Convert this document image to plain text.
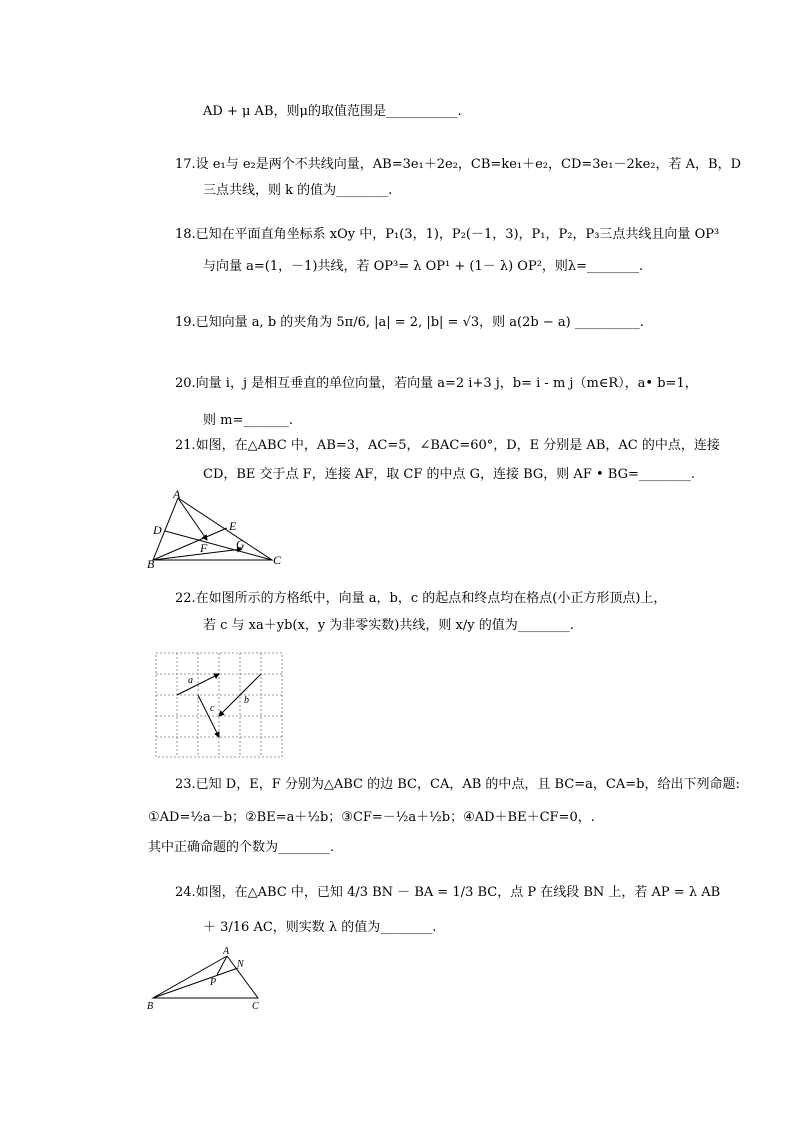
AD + μ AB，则μ的取值范围是___________.
17.设 e₁与 e₂是两个不共线向量，AB=3e₁＋2e₂，CB=ke₁＋e₂，CD=3e₁－2ke₂，若 A，B，D
三点共线，则 k 的值为________.
18.已知在平面直角坐标系 xOy 中，P₁(3，1)，P₂(－1，3)，P₁，P₂，P₃三点共线且向量 OP³
与向量 a=(1，－1)共线，若 OP³= λ OP¹ + (1－ λ) OP²，则λ=________.
19.已知向量 a, b 的夹角为 5π/6, |a| = 2, |b| = √3，则 a(2b − a) __________.
20.向量 i，j 是相互垂直的单位向量，若向量 a=2 i+3 j，b= i - m j（m∈R），a• b=1，
则 m=_______.
21.如图，在△ABC 中，AB=3，AC=5，∠BAC=60°，D，E 分别是 AB，AC 的中点，连接
CD，BE 交于点 F，连接 AF，取 CF 的中点 G，连接 BG，则 AF • BG=________.
A
D	E
F G
B	C
22.在如图所示的方格纸中，向量 a，b，c 的起点和终点均在格点(小正方形顶点)上，
若 c 与 xa＋yb(x，y 为非零实数)共线，则 x/y 的值为________.
a
b
c
23.已知 D，E，F 分别为△ABC 的边 BC，CA，AB 的中点，且 BC=a，CA=b，给出下列命题:
①AD=½a－b；②BE=a＋½b；③CF=－½a＋½b；④AD＋BE＋CF=0，.
其中正确命题的个数为________.
24.如图，在△ABC 中，已知 4/3 BN － BA = 1/3 BC，点 P 在线段 BN 上，若 AP = λ AB
＋ 3/16 AC，则实数 λ 的值为________.
A
N
P
B	C
